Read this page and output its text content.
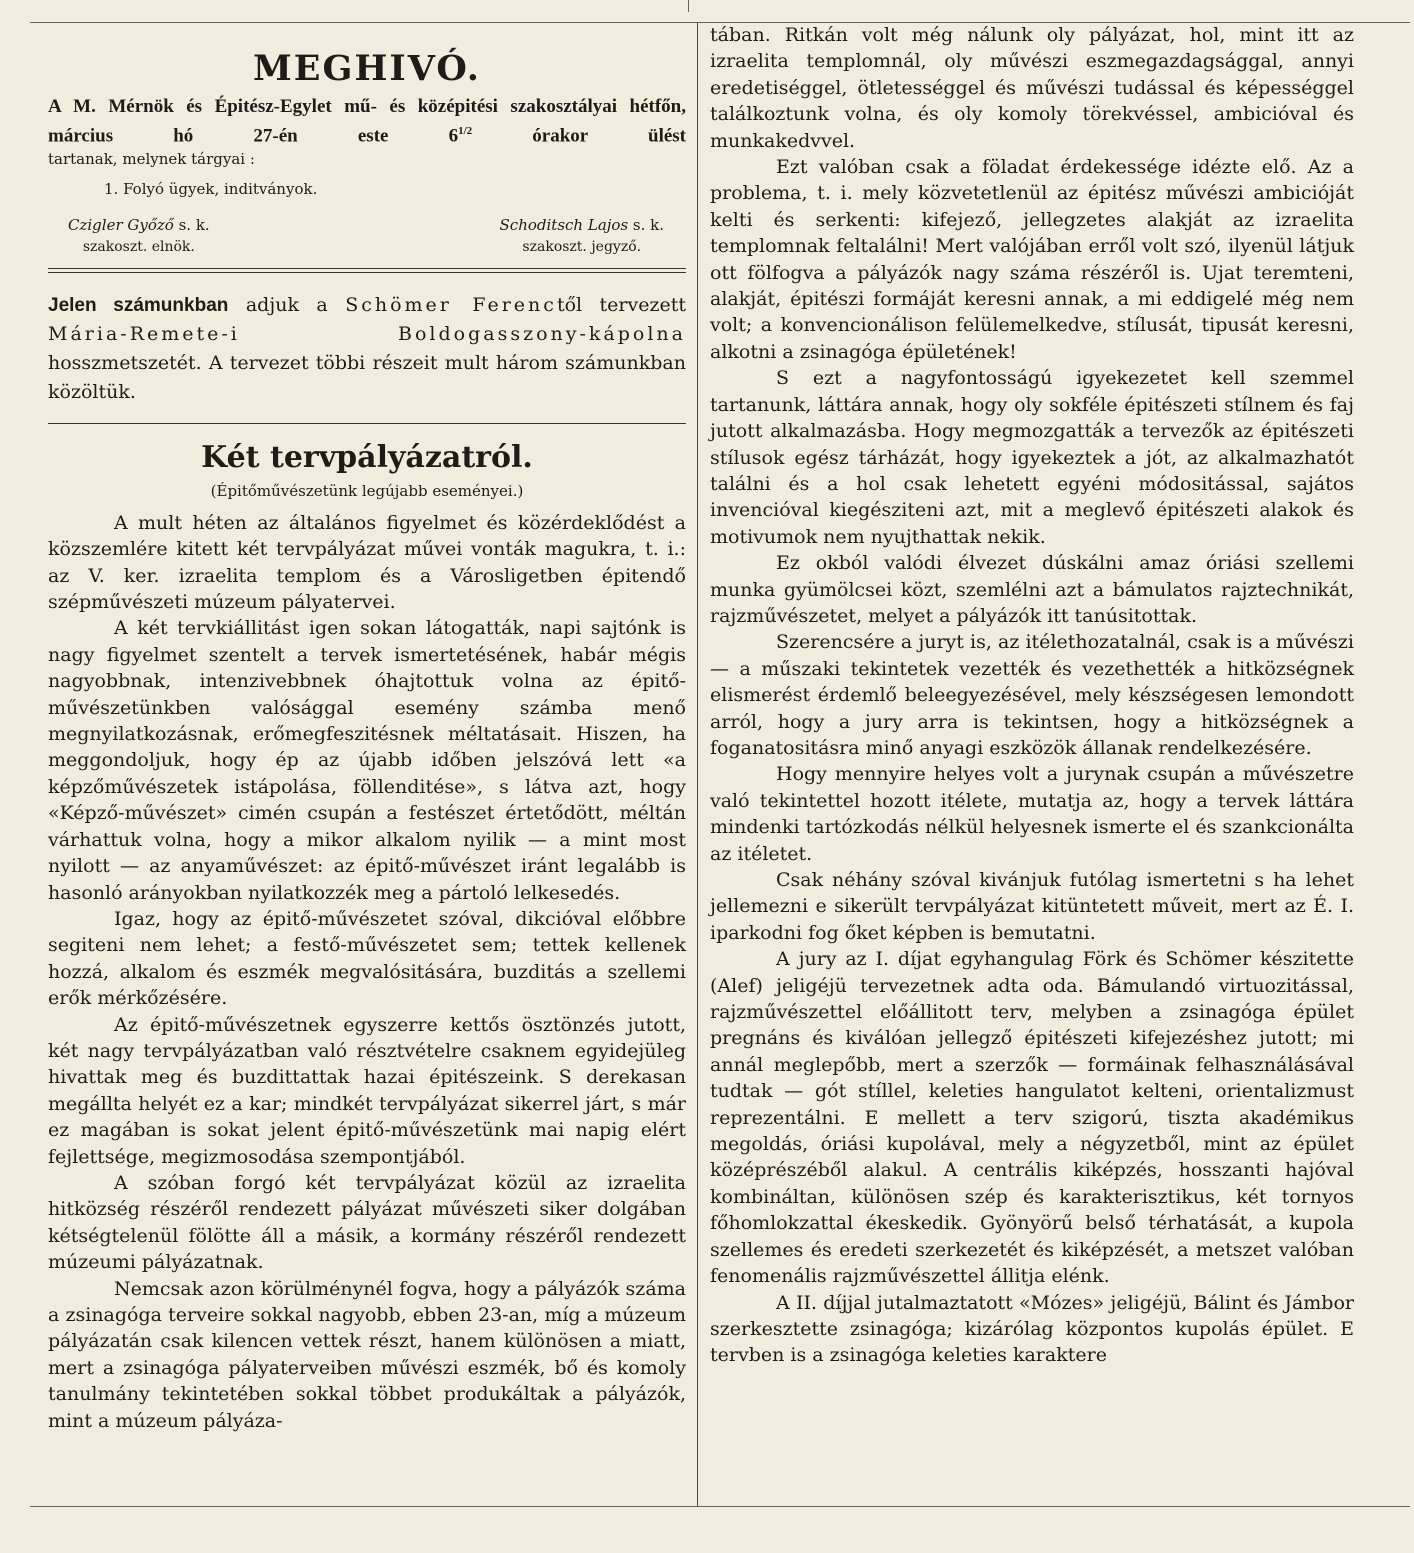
MEGHIVÓ.

A M. Mérnök és Épitész-Egylet mű- és középitési szakosztályai hétfőn, március hó 27-én este $6^{1/2}$ órakor ülést

tartanak, melynek tárgyai :

1. Folyó ügyek, inditványok.
Czigler Győző s. k.
szakoszt. elnök.
Schoditsch Lajos s. k.
szakoszt. jegyző.

Jelen számunkban adjuk a Schömer Ferenctől tervezett Mária-Remete-i Boldogasszony-kápolna hosszmetszetét. A tervezet többi részeit mult három számunkban közöltük.

Két tervpályázatról.
(Épitőművészetünk legújabb eseményei.)

A mult héten az általános figyelmet és közérdeklődést a közszemlére kitett két tervpályázat művei vonták magukra, t. i.: az V. ker. izraelita templom és a Városligetben épitendő szépművészeti múzeum pályatervei.

A két tervkiállitást igen sokan látogatták, napi sajtónk is nagy figyelmet szentelt a tervek ismertetésének, habár mégis nagyobbnak, intenzivebbnek óhajtottuk volna az épitő-művészetünkben valósággal esemény számba menő megnyilatkozásnak, erőmegfeszitésnek méltatásait. Hiszen, ha meggondoljuk, hogy ép az újabb időben jelszóvá lett «a képzőművészetek istápolása, föllenditése», s látva azt, hogy «Képző-művészet» cimén csupán a festészet értetődött, méltán várhattuk volna, hogy a mikor alkalom nyilik — a mint most nyilott — az anyaművészet: az épitő-művészet iránt legalább is hasonló arányokban nyilatkozzék meg a pártoló lelkesedés.

Igaz, hogy az épitő-művészetet szóval, dikcióval előbbre segiteni nem lehet; a festő-művészetet sem; tettek kellenek hozzá, alkalom és eszmék megvalósitására, buzditás a szellemi erők mérkőzésére.

Az épitő-művészetnek egyszerre kettős ösztönzés jutott, két nagy tervpályázatban való résztvételre csaknem egyidejüleg hivattak meg és buzdittattak hazai épitészeink. S derekasan megállta helyét ez a kar; mindkét tervpályázat sikerrel járt, s már ez magában is sokat jelent épitő-művészetünk mai napig elért fejlettsége, megizmosodása szempontjából.

A szóban forgó két tervpályázat közül az izraelita hitközség részéről rendezett pályázat művészeti siker dolgában kétségtelenül fölötte áll a másik, a kormány részéről rendezett múzeumi pályázatnak.

Nemcsak azon körülménynél fogva, hogy a pályázók száma a zsinagóga terveire sokkal nagyobb, ebben 23-an, míg a múzeum pályázatán csak kilencen vettek részt, hanem különösen a miatt, mert a zsinagóga pályaterveiben művészi eszmék, bő és komoly tanulmány tekintetében sokkal többet produkáltak a pályázók, mint a múzeum pályáza-

tában. Ritkán volt még nálunk oly pályázat, hol, mint itt az izraelita templomnál, oly művészi eszmegazdagsággal, annyi eredetiséggel, ötletességgel és művészi tudással és képességgel találkoztunk volna, és oly komoly törekvéssel, ambicióval és munkakedvvel.

Ezt valóban csak a föladat érdekessége idézte elő. Az a problema, t. i. mely közvetetlenül az épitész művészi ambicióját kelti és serkenti: kifejező, jellegzetes alakját az izraelita templomnak feltalálni! Mert valójában erről volt szó, ilyenül látjuk ott fölfogva a pályázók nagy száma részéről is. Ujat teremteni, alakját, épitészi formáját keresni annak, a mi eddigelé még nem volt; a konvencionálison felülemelkedve, stílusát, tipusát keresni, alkotni a zsinagóga épületének!

S ezt a nagyfontosságú igyekezetet kell szemmel tartanunk, láttára annak, hogy oly sokféle épitészeti stílnem és faj jutott alkalmazásba. Hogy megmozgatták a tervezők az épitészeti stílusok egész tárházát, hogy igyekeztek a jót, az alkalmazhatót találni és a hol csak lehetett egyéni módositással, sajátos invencióval kiegésziteni azt, mit a meglevő épitészeti alakok és motivumok nem nyujthattak nekik.

Ez okból valódi élvezet dúskálni amaz óriási szellemi munka gyümölcsei közt, szemlélni azt a bámulatos rajztechnikát, rajzművészetet, melyet a pályázók itt tanúsitottak.

Szerencsére a juryt is, az itélethozatalnál, csak is a művészi — a műszaki tekintetek vezették és vezethették a hitközségnek elismerést érdemlő beleegyezésével, mely készségesen lemondott arról, hogy a jury arra is tekintsen, hogy a hitközségnek a foganatositásra minő anyagi eszközök állanak rendelkezésére.

Hogy mennyire helyes volt a jurynak csupán a művészetre való tekintettel hozott itélete, mutatja az, hogy a tervek láttára mindenki tartózkodás nélkül helyesnek ismerte el és szankcionálta az itéletet.

Csak néhány szóval kivánjuk futólag ismertetni s ha lehet jellemezni e sikerült tervpályázat kitüntetett műveit, mert az É. I. iparkodni fog őket képben is bemutatni.

A jury az I. díjat egyhangulag Förk és Schömer készitette (Alef) jeligéjü tervezetnek adta oda. Bámulandó virtuozitással, rajzművészettel előállitott terv, melyben a zsinagóga épület pregnáns és kiválóan jellegző épitészeti kifejezéshez jutott; mi annál meglepőbb, mert a szerzők — formáinak felhasználásával tudtak — gót stíllel, keleties hangulatot kelteni, orientalizmust reprezentálni. E mellett a terv szigorú, tiszta akadémikus megoldás, óriási kupolával, mely a négyzetből, mint az épület középrészéből alakul. A centrális kiképzés, hosszanti hajóval kombináltan, különösen szép és karakterisztikus, két tornyos főhomlokzattal ékeskedik. Gyönyörű belső térhatását, a kupola szellemes és eredeti szerkezetét és kiképzését, a metszet valóban fenomenális rajzművészettel állitja elénk.

A II. díjjal jutalmaztatott «Mózes» jeligéjü, Bálint és Jámbor szerkesztette zsinagóga; kizárólag központos kupolás épület. E tervben is a zsinagóga keleties karaktere
